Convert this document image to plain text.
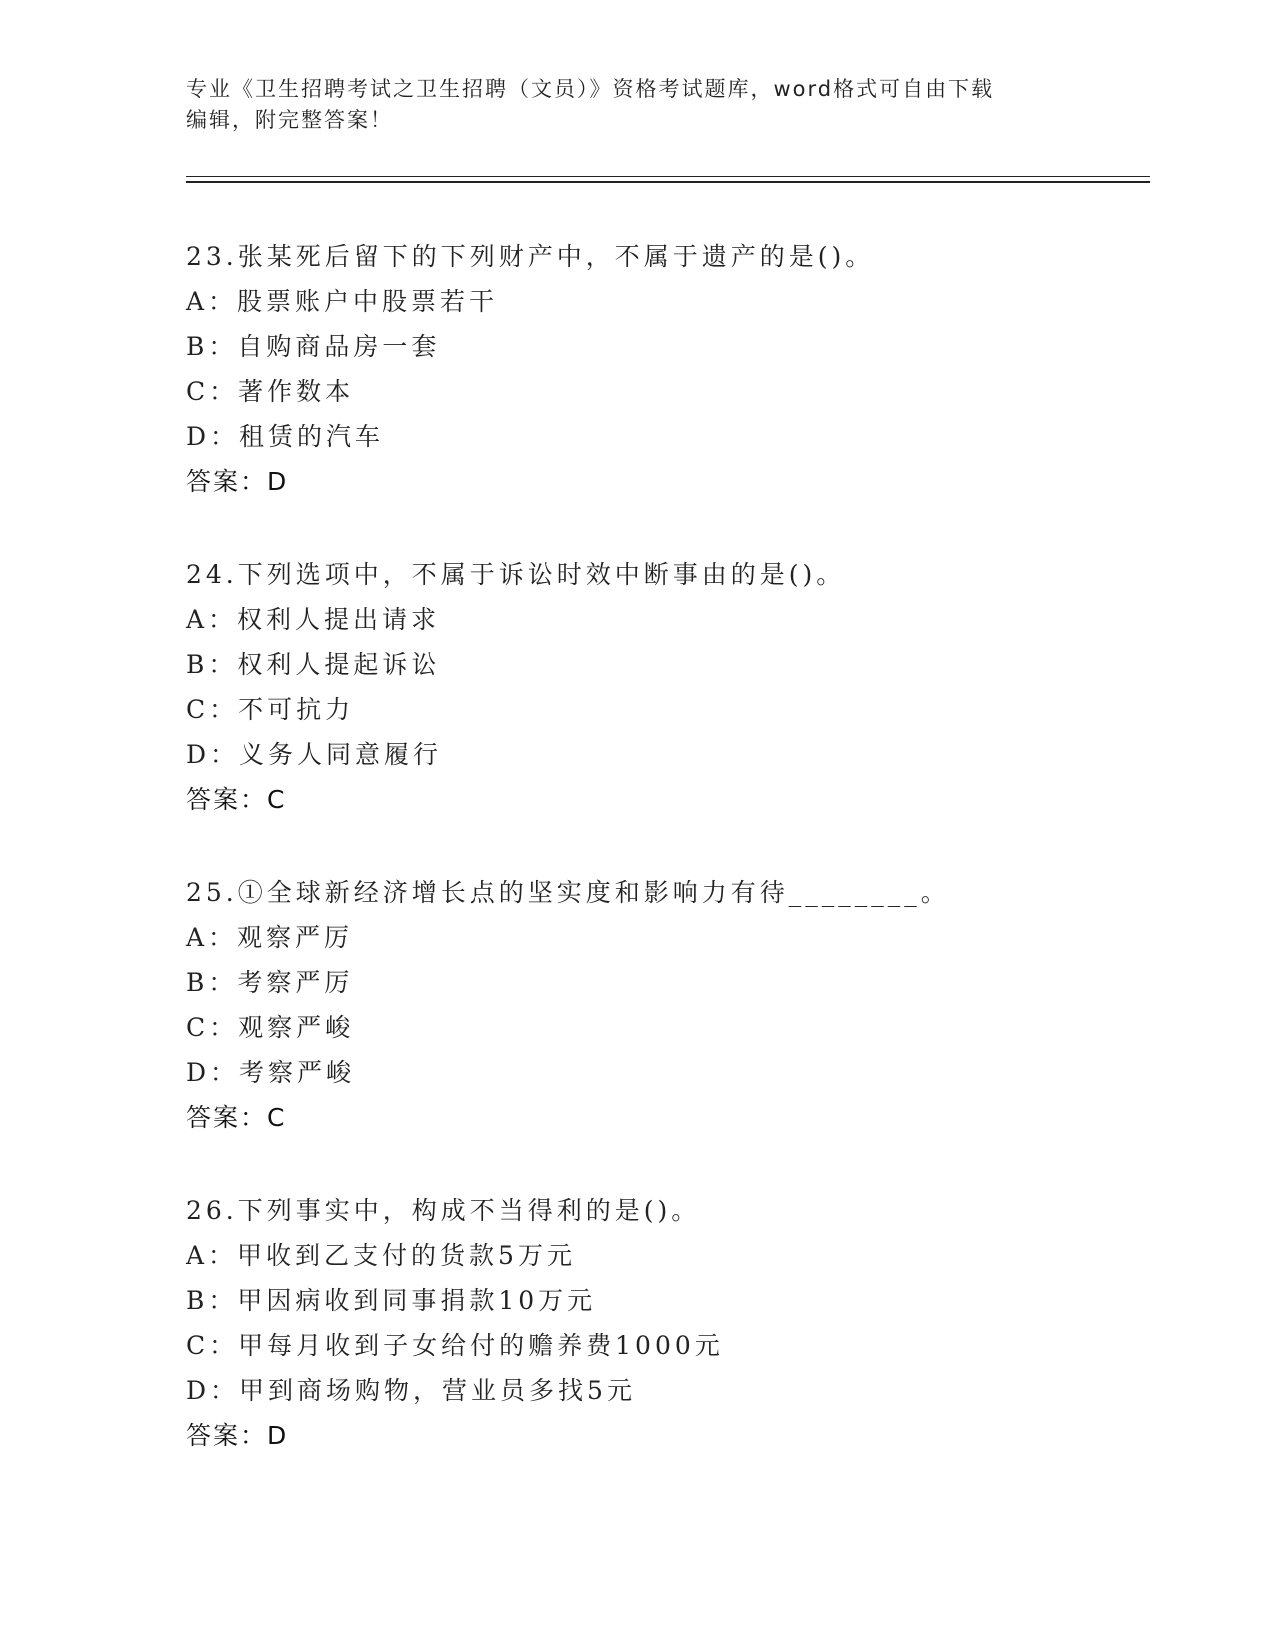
专业《卫生招聘考试之卫生招聘（文员）》资格考试题库，word格式可自由下载
编辑，附完整答案！
23.张某死后留下的下列财产中，不属于遗产的是()。
A：股票账户中股票若干
B：自购商品房一套
C：著作数本
D：租赁的汽车
答案：D
24.下列选项中，不属于诉讼时效中断事由的是()。
A：权利人提出请求
B：权利人提起诉讼
C：不可抗力
D：义务人同意履行
答案：C
25.①全球新经济增长点的坚实度和影响力有待________。
A：观察严厉
B：考察严厉
C：观察严峻
D：考察严峻
答案：C
26.下列事实中，构成不当得利的是()。
A：甲收到乙支付的货款5万元
B：甲因病收到同事捐款10万元
C：甲每月收到子女给付的赡养费1000元
D：甲到商场购物，营业员多找5元
答案：D
